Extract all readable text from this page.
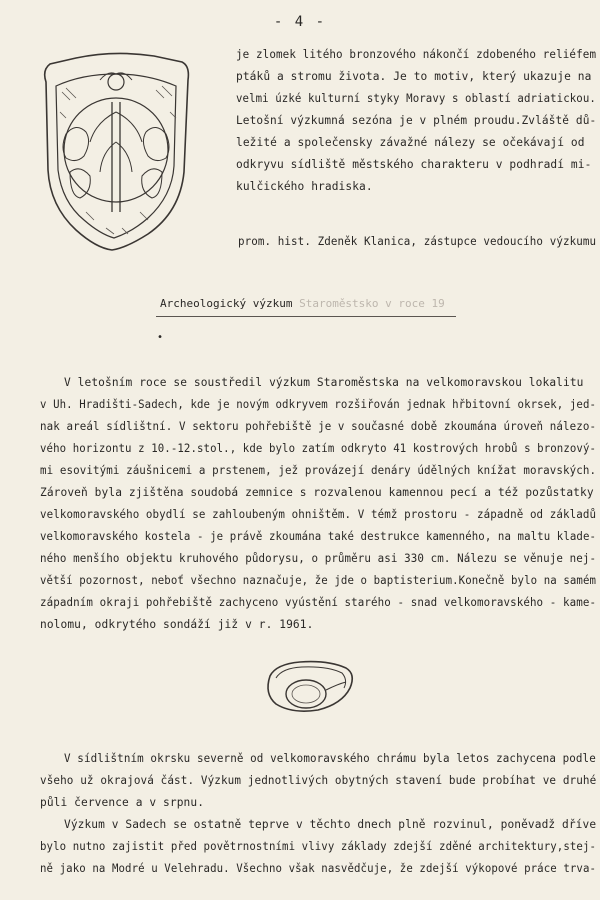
- 4 -
je zlomek litého bronzového nákončí zdobeného reliéfem
ptáků a stromu života. Je to motiv, který ukazuje na
velmi úzké kulturní styky Moravy s oblastí adriatickou.
Letošní výzkumná sezóna je v plném proudu.Zvláště dů-
ležité a společensky závažné nálezy se očekávají od
odkryvu sídliště městského charakteru v podhradí mi-
kulčického hradiska.
prom. hist. Zdeněk Klanica, zástupce vedoucího výzkumu
Archeologický výzkum Staroměstsko v roce 19
•
V letošním roce se soustředil výzkum Staroměstska na velkomoravskou lokalitu
v Uh. Hradišti-Sadech, kde je novým odkryvem rozšiřován jednak hřbitovní okrsek, jed-
nak areál sídlištní. V sektoru pohřebiště je v současné době zkoumána úroveň nálezo-
vého horizontu z 10.-12.stol., kde bylo zatím odkryto 41 kostrových hrobů s bronzový-
mi esovitými záušnicemi a prstenem, jež provázejí denáry údělných knížat moravských.
Zároveň byla zjištěna soudobá zemnice s rozvalenou kamennou pecí a též pozůstatky
velkomoravského obydlí se zahloubeným ohništěm. V témž prostoru - západně od základů
velkomoravského kostela - je právě zkoumána také destrukce kamenného, na maltu klade-
ného menšího objektu kruhového půdorysu, o průměru asi 330 cm. Nálezu se věnuje nej-
větší pozornost, neboť všechno naznačuje, že jde o baptisterium.Konečně bylo na samém
západním okraji pohřebiště zachyceno vyústění starého - snad velkomoravského - kame-
nolomu, odkrytého sondáží již v r. 1961.
V sídlištním okrsku severně od velkomoravského chrámu byla letos zachycena podle
všeho už okrajová část. Výzkum jednotlivých obytných stavení bude probíhat ve druhé
půli července a v srpnu.
Výzkum v Sadech se ostatně teprve v těchto dnech plně rozvinul, poněvadž dříve
bylo nutno zajistit před povětrnostními vlivy základy zdejší zděné architektury,stej-
ně jako na Modré u Velehradu. Všechno však nasvědčuje, že zdejší výkopové práce trva-
